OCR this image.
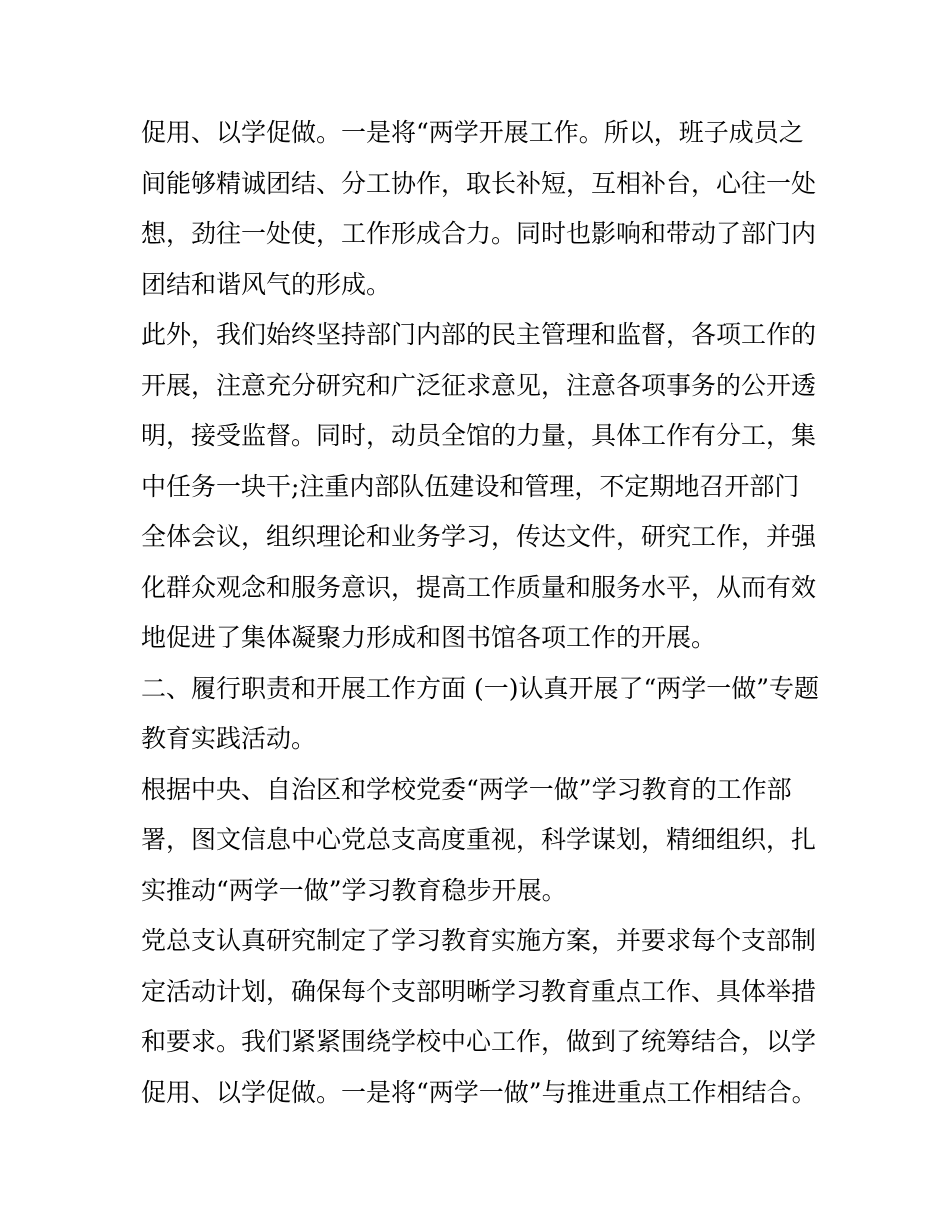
促用、以学促做。一是将“两学开展工作。所以，班子成员之
间能够精诚团结、分工协作，取长补短，互相补台，心往一处
想，劲往一处使，工作形成合力。同时也影响和带动了部门内
团结和谐风气的形成。
此外，我们始终坚持部门内部的民主管理和监督，各项工作的
开展，注意充分研究和广泛征求意见，注意各项事务的公开透
明，接受监督。同时，动员全馆的力量，具体工作有分工，集
中任务一块干;注重内部队伍建设和管理，不定期地召开部门
全体会议，组织理论和业务学习，传达文件，研究工作，并强
化群众观念和服务意识，提高工作质量和服务水平，从而有效
地促进了集体凝聚力形成和图书馆各项工作的开展。
二、履行职责和开展工作方面 (一)认真开展了“两学一做”专题
教育实践活动。
根据中央、自治区和学校党委“两学一做”学习教育的工作部
署，图文信息中心党总支高度重视，科学谋划，精细组织，扎
实推动“两学一做”学习教育稳步开展。
党总支认真研究制定了学习教育实施方案，并要求每个支部制
定活动计划，确保每个支部明晰学习教育重点工作、具体举措
和要求。我们紧紧围绕学校中心工作，做到了统筹结合，以学
促用、以学促做。一是将“两学一做”与推进重点工作相结合。
